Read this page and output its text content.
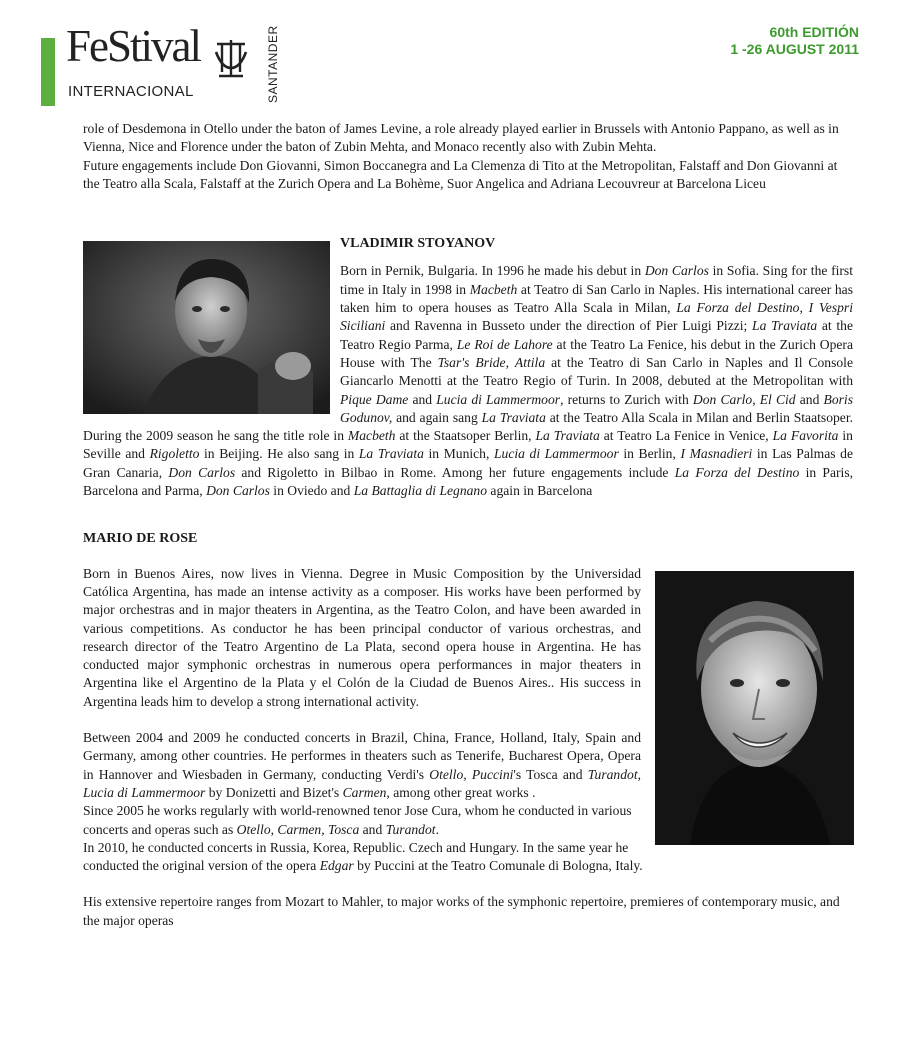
FeStival	SANTANDER
INTERNACIONAL
60th EDITIÓN
1 -26 AUGUST 2011

role of Desdemona in Otello under the baton of James Levine, a role already played earlier in Brussels with Antonio Pappano, as well as in Vienna, Nice and Florence under the baton of Zubin Mehta, and Monaco recently also with Zubin Mehta.

Future engagements include Don Giovanni, Simon Boccanegra and La Clemenza di Tito at the Metropolitan, Falstaff and Don Giovanni at the Teatro alla Scala, Falstaff at the Zurich Opera and La Bohème, Suor Angelica and Adriana Lecouvreur at Barcelona Liceu

VLADIMIR STOYANOV

Born in Pernik, Bulgaria. In 1996 he made his debut in Don Carlos in Sofia. Sing for the first time in Italy in 1998 in Macbeth at Teatro di San Carlo in Naples. His international career has taken him to opera houses as Teatro Alla Scala in Milan, La Forza del Destino, I Vespri Siciliani and Ravenna in Busseto under the direction of Pier Luigi Pizzi; La Traviata at the Teatro Regio Parma, Le Roi de Lahore at the Teatro La Fenice, his debut in the Zurich Opera House with The Tsar's Bride, Attila at the Teatro di San Carlo in Naples and Il Console Giancarlo Menotti at the Teatro Regio of Turin. In 2008, debuted at the Metropolitan with Pique Dame and Lucia di Lammermoor, returns to Zurich with Don Carlo, El Cid and Boris Godunov, and again sang La Traviata at the Teatro Alla Scala in Milan and Berlin Staatsoper. During the 2009 season he sang the title role in Macbeth at the Staatsoper Berlin, La Traviata at Teatro La Fenice in Venice, La Favorita in Seville and Rigoletto in Beijing. He also sang in La Traviata in Munich, Lucia di Lammermoor in Berlin, I Masnadieri in Las Palmas de Gran Canaria, Don Carlos and Rigoletto in Bilbao in Rome. Among her future engagements include La Forza del Destino in Paris, Barcelona and Parma, Don Carlos in Oviedo and La Battaglia di Legnano again in Barcelona

MARIO DE ROSE

Born in Buenos Aires, now lives in Vienna. Degree in Music Composition by the Universidad Católica Argentina, has made an intense activity as a composer. His works have been performed by major orchestras and in major theaters in Argentina, as the Teatro Colon, and have been awarded in various competitions. As conductor he has been principal conductor of various orchestras, and research director of the Teatro Argentino de La Plata, second opera house in Argentina. He has conducted major symphonic orchestras in numerous opera performances in major theaters in Argentina like el Argentino de la Plata y el Colón de la Ciudad de Buenos Aires.. His success in Argentina leads him to develop a strong international activity.

Between 2004 and 2009 he conducted concerts in Brazil, China, France, Holland, Italy, Spain and Germany, among other countries. He performes in theaters such as Tenerife, Bucharest Opera, Opera in Hannover and Wiesbaden in Germany, conducting Verdi's Otello, Puccini's Tosca and Turandot, Lucia di Lammermoor by Donizetti and Bizet's Carmen, among other great works .

Since 2005 he works regularly with world-renowned tenor Jose Cura, whom he conducted in various concerts and operas such as Otello, Carmen, Tosca and Turandot.

In 2010, he conducted concerts in Russia, Korea, Republic. Czech and Hungary. In the same year he conducted the original version of the opera Edgar by Puccini at the Teatro Comunale di Bologna, Italy.

His extensive repertoire ranges from Mozart to Mahler, to major works of the symphonic repertoire, premieres of contemporary music, and the major operas
